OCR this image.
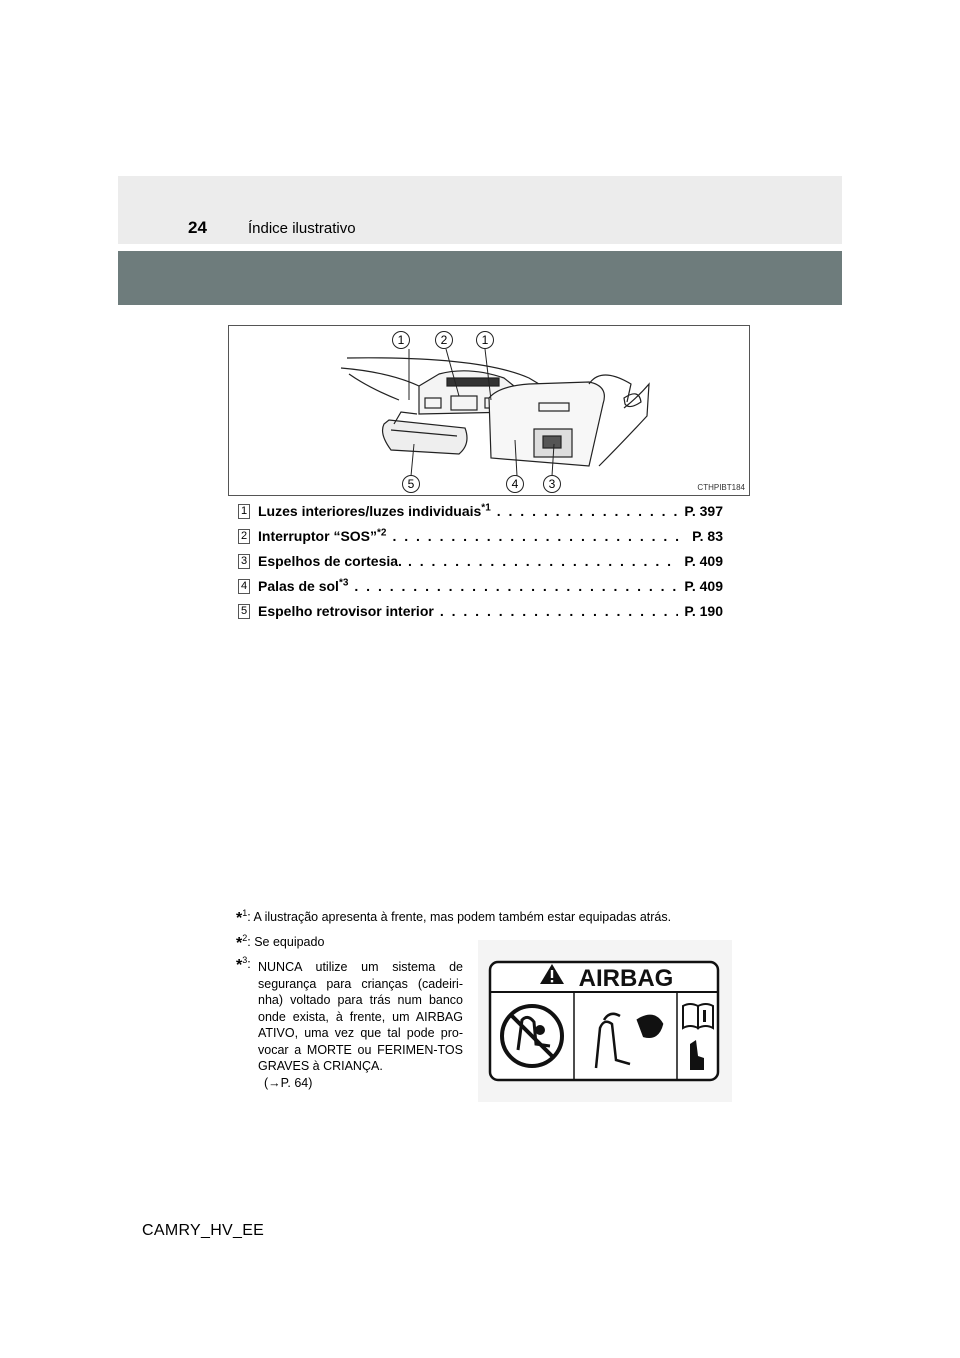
24	Índice ilustrativo
1	2	1
5	4	3	CTHPIBT184
1 Luzes interiores/luzes individuais$^{*1}$ . . .	P. 397
2 Interruptor “SOS”$^{*2}$ . . .	P. 83
3 Espelhos de cortesia. . . .	P. 409
4 Palas de sol$^{*3}$ . . .	P. 409
5 Espelho retrovisor interior . . .	P. 190
*$^1$: A ilustração apresenta à frente, mas podem também estar equipadas atrás.
*$^2$: Se equipado
*$^3$: NUNCA utilize um sistema de segurança para crianças (cadeiri-nha) voltado para trás num banco onde exista, à frente, um AIRBAG ATIVO, uma vez que tal pode pro-vocar a MORTE ou FERIMEN-TOS GRAVES à CRIANÇA.
(→P. 64)
AIRBAG
CAMRY_HV_EE
